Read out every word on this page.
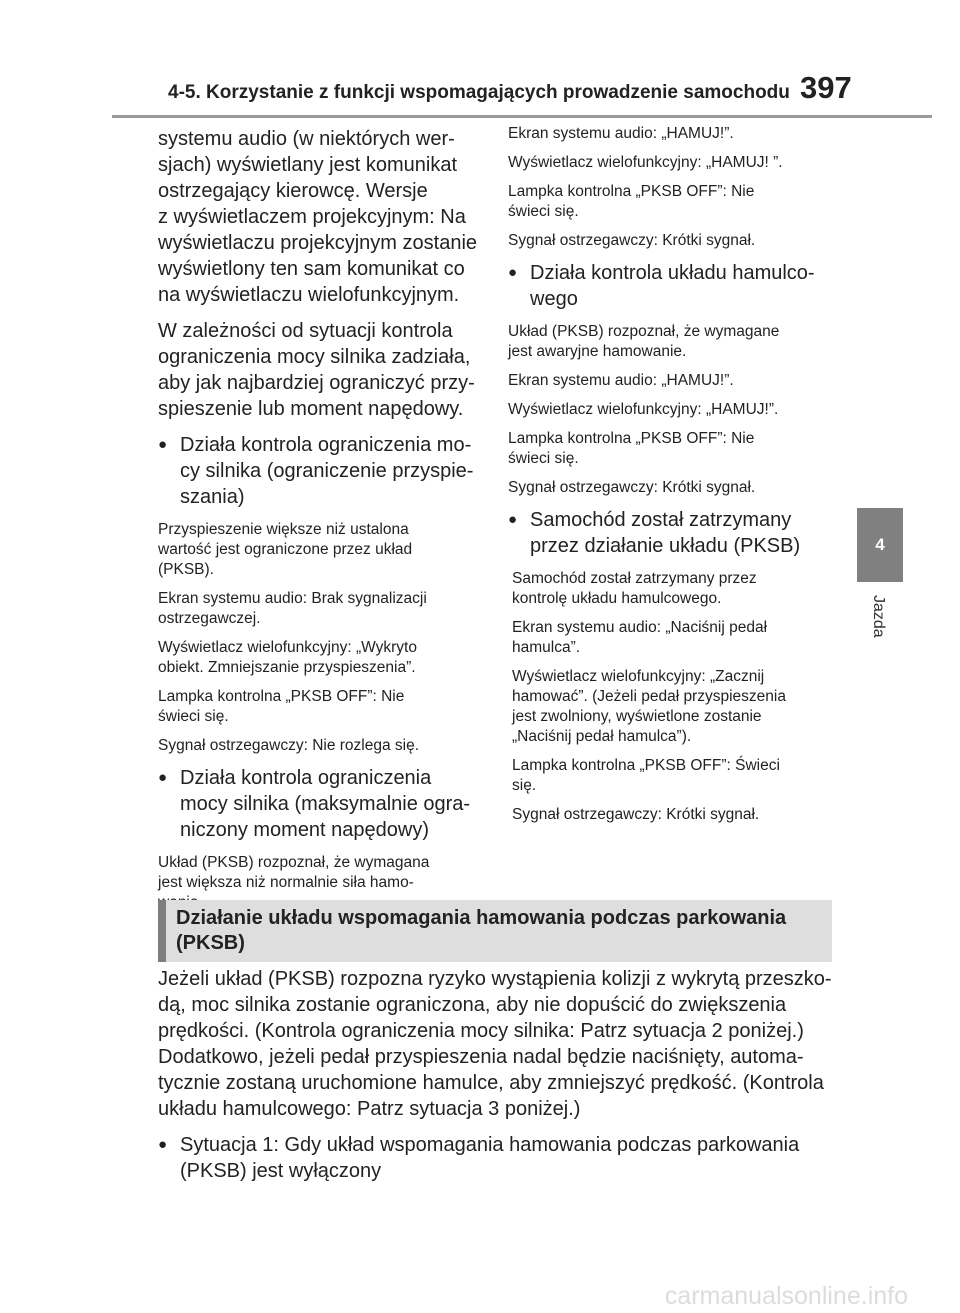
4-5. Korzystanie z funkcji wspomagających prowadzenie samochodu 397
4
Jazda
systemu audio (w niektórych wer-
sjach) wyświetlany jest komunikat
ostrzegający kierowcę. Wersje
z wyświetlaczem projekcyjnym: Na
wyświetlaczu projekcyjnym zostanie
wyświetlony ten sam komunikat co
na wyświetlaczu wielofunkcyjnym.
W zależności od sytuacji kontrola
ograniczenia mocy silnika zadziała,
aby jak najbardziej ograniczyć przy-
spieszenie lub moment napędowy.
● Działa kontrola ograniczenia mo-
cy silnika (ograniczenie przyspie-
szania)
Przyspieszenie większe niż ustalona
wartość jest ograniczone przez układ
(PKSB).
Ekran systemu audio: Brak sygnalizacji
ostrzegawczej.
Wyświetlacz wielofunkcyjny: „Wykryto
obiekt. Zmniejszanie przyspieszenia”.
Lampka kontrolna „PKSB OFF”: Nie
świeci się.
Sygnał ostrzegawczy: Nie rozlega się.
● Działa kontrola ograniczenia
mocy silnika (maksymalnie ogra-
niczony moment napędowy)
Układ (PKSB) rozpoznał, że wymagana
jest większa niż normalnie siła hamo-

Ekran systemu audio: „HAMUJ!”.
Wyświetlacz wielofunkcyjny: „HAMUJ! ”.
Lampka kontrolna „PKSB OFF”: Nie
świeci się.
Sygnał ostrzegawczy: Krótki sygnał.
● Działa kontrola układu hamulco-
wego
Układ (PKSB) rozpoznał, że wymagane
jest awaryjne hamowanie.
Ekran systemu audio: „HAMUJ!”.
Wyświetlacz wielofunkcyjny: „HAMUJ!”.
Lampka kontrolna „PKSB OFF”: Nie
świeci się.
Sygnał ostrzegawczy: Krótki sygnał.
● Samochód został zatrzymany
przez działanie układu (PKSB)
Samochód został zatrzymany przez
kontrolę układu hamulcowego.
Ekran systemu audio: „Naciśnij pedał
hamulca”.
Wyświetlacz wielofunkcyjny: „Zacznij
hamować”. (Jeżeli pedał przyspieszenia
jest zwolniony, wyświetlone zostanie
„Naciśnij pedał hamulca”).
Lampka kontrolna „PKSB OFF”: Świeci
się.
Sygnał ostrzegawczy: Krótki sygnał.
Działanie układu wspomagania hamowania podczas parkowania
(PKSB)
Jeżeli układ (PKSB) rozpozna ryzyko wystąpienia kolizji z wykrytą przeszko-
dą, moc silnika zostanie ograniczona, aby nie dopuścić do zwiększenia
prędkości. (Kontrola ograniczenia mocy silnika: Patrz sytuacja 2 poniżej.)
Dodatkowo, jeżeli pedał przyspieszenia nadal będzie naciśnięty, automa-
tycznie zostaną uruchomione hamulce, aby zmniejszyć prędkość. (Kontrola
układu hamulcowego: Patrz sytuacja 3 poniżej.)
● Sytuacja 1: Gdy układ wspomagania hamowania podczas parkowania
(PKSB) jest wyłączony
carmanualsonline.info
